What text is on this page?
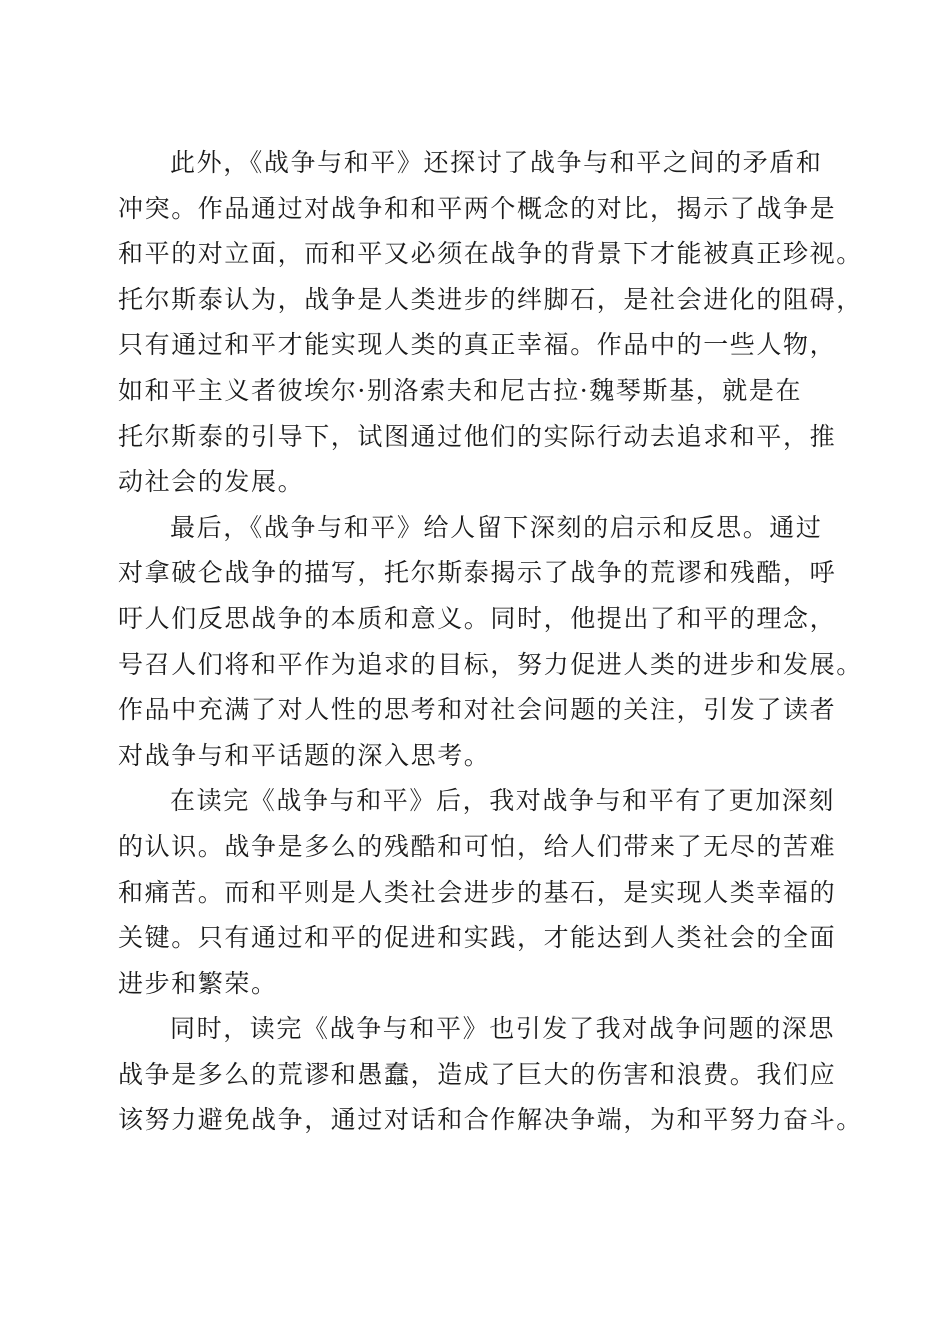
此外，《战争与和平》还探讨了战争与和平之间的矛盾和
冲突。作品通过对战争和和平两个概念的对比，揭示了战争是
和平的对立面，而和平又必须在战争的背景下才能被真正珍视。
托尔斯泰认为，战争是人类进步的绊脚石，是社会进化的阻碍，
只有通过和平才能实现人类的真正幸福。作品中的一些人物，
如和平主义者彼埃尔·别洛索夫和尼古拉·魏琴斯基，就是在
托尔斯泰的引导下，试图通过他们的实际行动去追求和平，推
动社会的发展。
最后，《战争与和平》给人留下深刻的启示和反思。通过
对拿破仑战争的描写，托尔斯泰揭示了战争的荒谬和残酷，呼
吁人们反思战争的本质和意义。同时，他提出了和平的理念，
号召人们将和平作为追求的目标，努力促进人类的进步和发展。
作品中充满了对人性的思考和对社会问题的关注，引发了读者
对战争与和平话题的深入思考。
在读完《战争与和平》后，我对战争与和平有了更加深刻
的认识。战争是多么的残酷和可怕，给人们带来了无尽的苦难
和痛苦。而和平则是人类社会进步的基石，是实现人类幸福的
关键。只有通过和平的促进和实践，才能达到人类社会的全面
进步和繁荣。
同时，读完《战争与和平》也引发了我对战争问题的深思
战争是多么的荒谬和愚蠢，造成了巨大的伤害和浪费。我们应
该努力避免战争，通过对话和合作解决争端，为和平努力奋斗。
